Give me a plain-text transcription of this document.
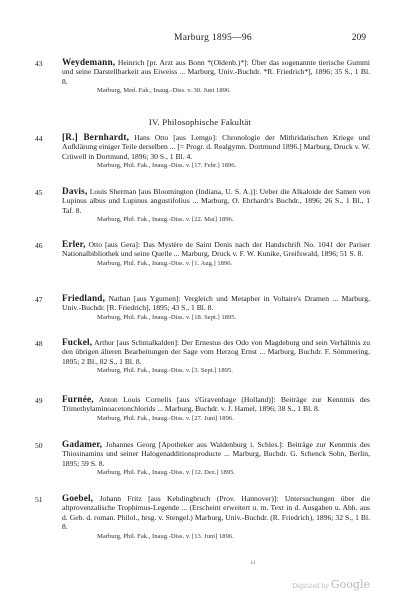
Marburg 1895—96	209
43 Weydemann, Heinrich [pr. Arzt aus Bonn *(Oldenb.)*]: Über das sogenannte tierische Gummi und seine Darstellbarkeit aus Eiweiss ... Marburg, Univ.-Buchdr. *R. Friedrich*], 1896; 35 S., 1 Bl. 8.
Marburg, Med. Fak., Inaug.-Diss. v. 30. Juni 1896.
IV. Philosophische Fakultät
44 [R.] Bernhardt, Hans Otto [aus Lemgo]: Chronologie der Mithridatischen Kriege und Aufklärung einiger Teile derselben ... [= Progr. d. Realgymn. Dortmund 1896.] Marburg, Druck v. W. Crüwell in Dortmund, 1896; 30 S., 1 Bl. 4.
Marburg, Phil. Fak., Inaug.-Diss. v. [17. Febr.] 1896.
45 Davis, Louis Sherman [aus Bloomington (Indiana, U. S. A.)]: Ueber die Alkaloide der Samen von Lupinus albus und Lupinus angustifolius ... Marburg, O. Ehrhardt's Buchdr., 1896; 26 S., 1 Bl., 1 Taf. 8.
Marburg, Phil. Fak., Inaug.-Diss. v. [22. Mai] 1896.
46 Erler, Otto [aus Gera]: Das Mystère de Saint Denis nach der Handschrift No. 1041 der Pariser Nationalbibliothek und seine Quelle ... Marburg, Druck v. F. W. Kunike, Greifswald, 1896; 51 S. 8.
Marburg, Phil. Fak., Inaug.-Diss. v. [1. Aug.] 1896.
47 Friedland, Nathan [aus Ygumen]: Vergleich und Metapher in Voltaire's Dramen ... Marburg, Univ.-Buchdr. [R. Friedrich], 1895; 43 S., 1 Bl. 8.
Marburg, Phil. Fak., Inaug.-Diss. v. [18. Sept.] 1895.
48 Fuckel, Arthur [aus Schmalkalden]: Der Ernestus des Odo von Magdeburg und sein Verhältnis zu den übrigen älteren Bearbeitungen der Sage vom Herzog Ernst ... Marburg, Buchdr. F. Sömmering, 1895; 2 Bl., 82 S., 1 Bl. 8.
Marburg, Phil. Fak., Inaug.-Diss. v. [3. Sept.] 1895.
49 Furnée, Anton Louis Cornelis [aus s'Gravenhage (Holland)]: Beiträge zur Kenntnis des Trimethylaminoacetonchlorids ... Marburg, Buchdr. v. J. Hamel, 1896; 38 S., 1 Bl. 8.
Marburg, Phil. Fak., Inaug.-Diss. v. [27. Juni] 1896.
50 Gadamer, Johannes Georg [Apotheker aus Waldenburg i. Schles.]: Beiträge zur Kenntnis des Thiosinamins und seiner Halogenadditionsproducte ... Marburg, Buchdr. G. Schenck Sohn, Berlin, 1895; 59 S. 8.
Marburg, Phil. Fak., Inaug.-Diss. v. [12. Dez.] 1895.
51 Goebel, Johann Fritz [aus Kehdingbruch (Prov. Hannover)]: Untersuchungen über die altprovenzalische Trophimus-Legende ... (Erscheint erweitert u. m. Text in d. Ausgaben u. Abh. aus d. Geb. d. roman. Philol., hrsg. v. Stengel.) Marburg, Univ.-Buchdr. (R. Friedrich), 1896; 32 S., 1 Bl. 8.
Marburg, Phil. Fak., Inaug.-Diss. v. [13. Juni] 1896.
14
Digitized by Google
